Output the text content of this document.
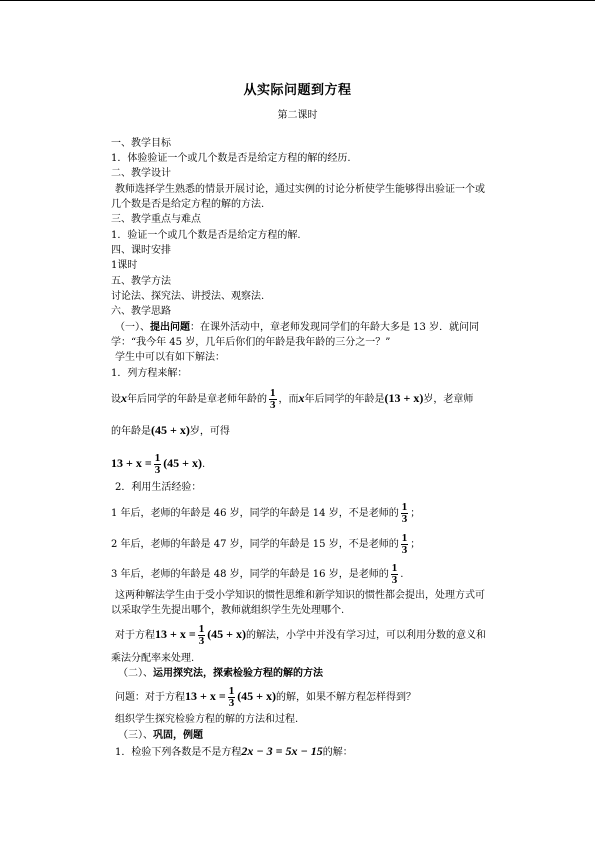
从实际问题到方程
第二课时
一、教学目标
1．体验验证一个或几个数是否是给定方程的解的经历.
二、教学设计
教师选择学生熟悉的情景开展讨论，通过实例的讨论分析使学生能够得出验证一个或
几个数是否是给定方程的解的方法.
三、教学重点与难点
1．验证一个或几个数是否是给定方程的解.
四、课时安排
1课时
五、教学方法
讨论法、探究法、讲授法、观察法.
六、教学思路
（一）、提出问题：在课外活动中，章老师发现同学们的年龄大多是 13 岁．就问同
学：“我今年 45 岁，几年后你们的年龄是我年龄的三分之一？”
学生中可以有如下解法：
1．列方程来解：
设x年后同学的年龄是章老师年龄的 $\frac{1}{3}$ ，而x年后同学的年龄是(13 + x)岁，老章师
的年龄是(45 + x)岁，可得
$13 + x = \frac{1}{3} (45 + x)$.
2．利用生活经验：
1 年后，老师的年龄是 46 岁，同学的年龄是 14 岁，不是老师的 $\frac{1}{3}$ ；
2 年后，老师的年龄是 47 岁，同学的年龄是 15 岁，不是老师的 $\frac{1}{3}$ ；
3 年后，老师的年龄是 48 岁，同学的年龄是 16 岁，是老师的 $\frac{1}{3}$ .
这两种解法学生由于受小学知识的惯性思维和新学知识的惯性都会提出，处理方式可
以采取学生先提出哪个，教师就组织学生先处理哪个.
对于方程$13 + x = \frac{1}{3} (45 + x)$的解法，小学中并没有学习过，可以利用分数的意义和
乘法分配率来处理.
（二）、运用探究法，探索检验方程的解的方法
问题：对于方程$13 + x = \frac{1}{3} (45 + x)$的解，如果不解方程怎样得到？
组织学生探究检验方程的解的方法和过程.
（三）、巩固，例题
1．检验下列各数是不是方程2x − 3 = 5x − 15的解：
